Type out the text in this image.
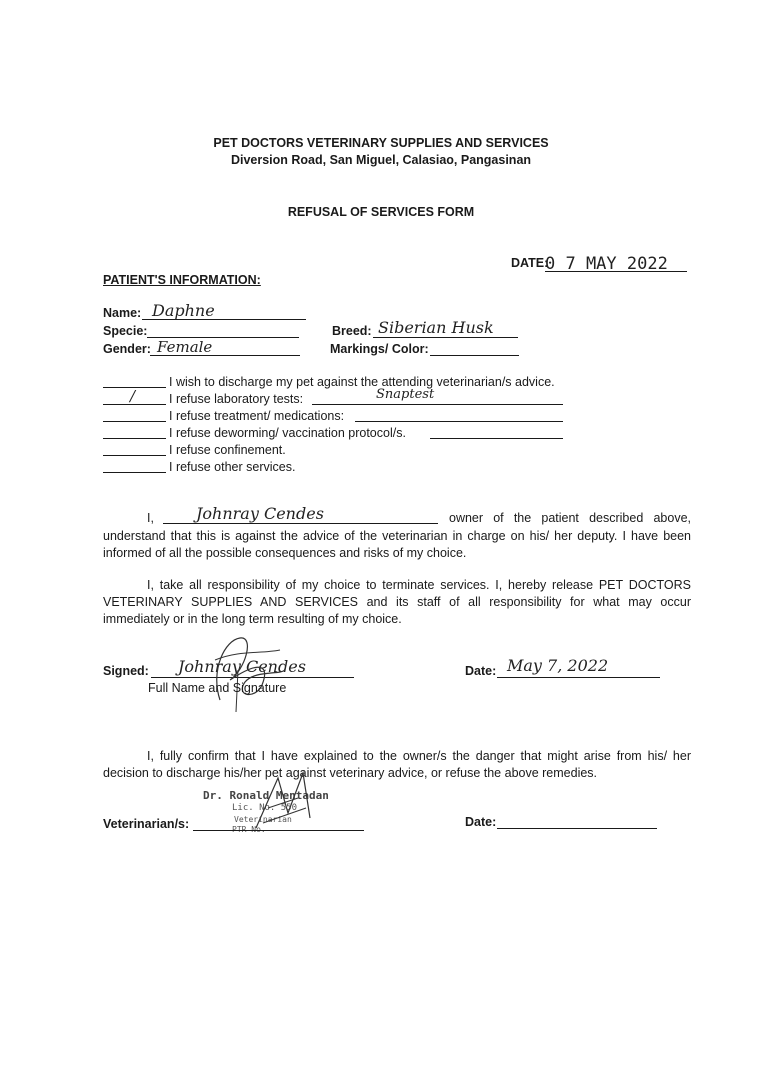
PET DOCTORS VETERINARY SUPPLIES AND SERVICES
Diversion Road, San Miguel, Calasiao, Pangasinan
REFUSAL OF SERVICES FORM
DATE:
0 7 MAY 2022
PATIENT'S INFORMATION:
Name: Daphne
Specie:
Gender: Female
Breed: Siberian Husk
Markings/ Color:
I wish to discharge my pet against the attending veterinarian/s advice.
/	I refuse laboratory tests:	Snaptest
I refuse treatment/ medications:
I refuse deworming/ vaccination protocol/s.
I refuse confinement.
I refuse other services.
I,	Johnray Cendes	owner of the patient described above,
understand that this is against the advice of the veterinarian in charge on his/ her deputy. I have been informed of all the possible consequences and risks of my choice.
I, take all responsibility of my choice to terminate services. I, hereby release PET DOCTORS VETERINARY SUPPLIES AND SERVICES and its staff of all responsibility for what may occur immediately or in the long term resulting of my choice.
Signed: Johnray Cendes
Full Name and Signature
Date: May 7, 2022
I, fully confirm that I have explained to the owner/s the danger that might arise from his/ her decision to discharge his/her pet against veterinary advice, or refuse the above remedies.
Dr. Ronald Mentadan
Lic. No. 550
Veterinarian
PTR No.
Veterinarian/s:	Date:
